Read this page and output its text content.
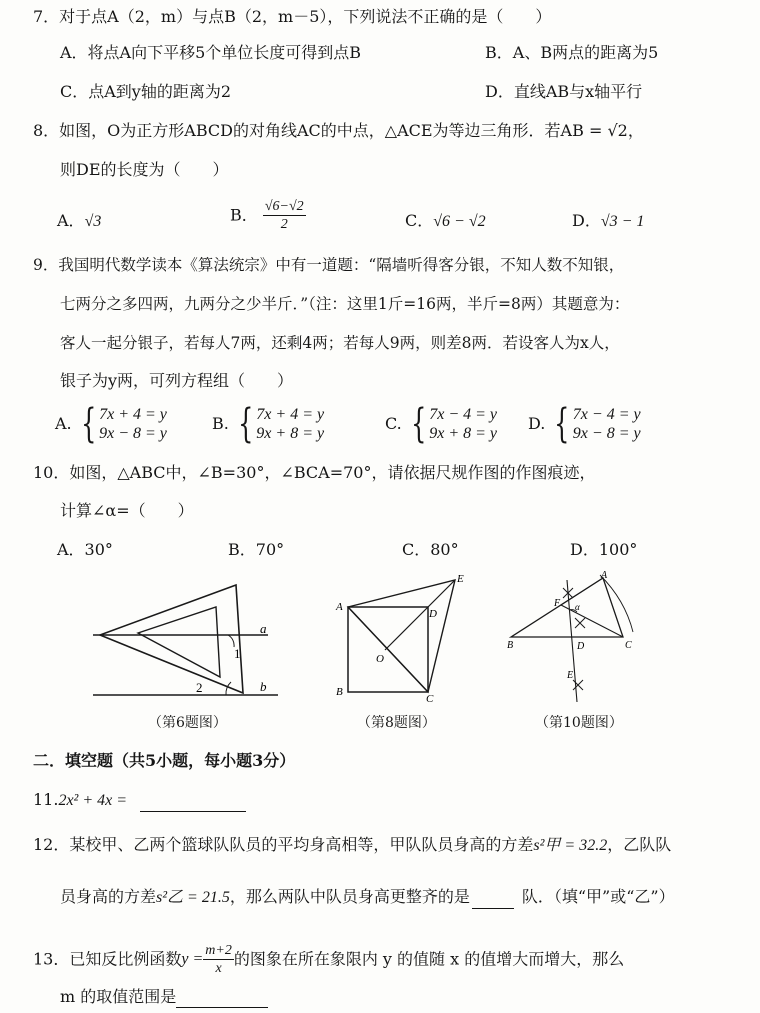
7．对于点A（2，m）与点B（2，m－5），下列说法不正确的是（　　）
A．将点A向下平移5个单位长度可得到点B	B．A、B两点的距离为5
C．点A到y轴的距离为2	D．直线AB与x轴平行
8．如图，O为正方形ABCD的对角线AC的中点，△ACE为等边三角形．若AB = √2，
则DE的长度为（　　）
A．√3	B． $\frac{√6-√2}{2}$	C．√6 − √2	D．√3 − 1
9．我国明代数学读本《算法统宗》中有一道题：“隔墙听得客分银，不知人数不知银，
七两分之多四两，九两分之少半斤．”（注：这里1斤=16两，半斤=8两）其题意为：
客人一起分银子，若每人7两，还剩4两；若每人9两，则差8两．若设客人为x人，
银子为y两，可列方程组（　　）
A. { 7x + 4 = y
9x − 8 = y
B. { 7x + 4 = y
9x + 8 = y
C. { 7x − 4 = y
9x + 8 = y
D. { 7x − 4 = y
9x − 8 = y
10．如图，△ABC中，∠B=30°，∠BCA=70°，请依据尺规作图的作图痕迹，
计算∠α=（　　）
A．30°	B．70°	C．80°	D．100°
a
b
1
2
（第6题图）
A
B
C
D
E
O
（第8题图）
A
B	C
D
E
F α
（第10题图）
二．填空题（共5小题，每小题3分）
11.2x² + 4x =
12．某校甲、乙两个篮球队队员的平均身高相等，甲队队员身高的方差s²甲 = 32.2，乙队队
员身高的方差s²乙 = 21.5，那么两队中队员身高更整齐的是	队．（填“甲”或“乙”）
13．已知反比例函数$y = \frac{m+2}{x}$ 的图象在所在象限内 y 的值随 x 的值增大而增大，那么
m 的取值范围是
